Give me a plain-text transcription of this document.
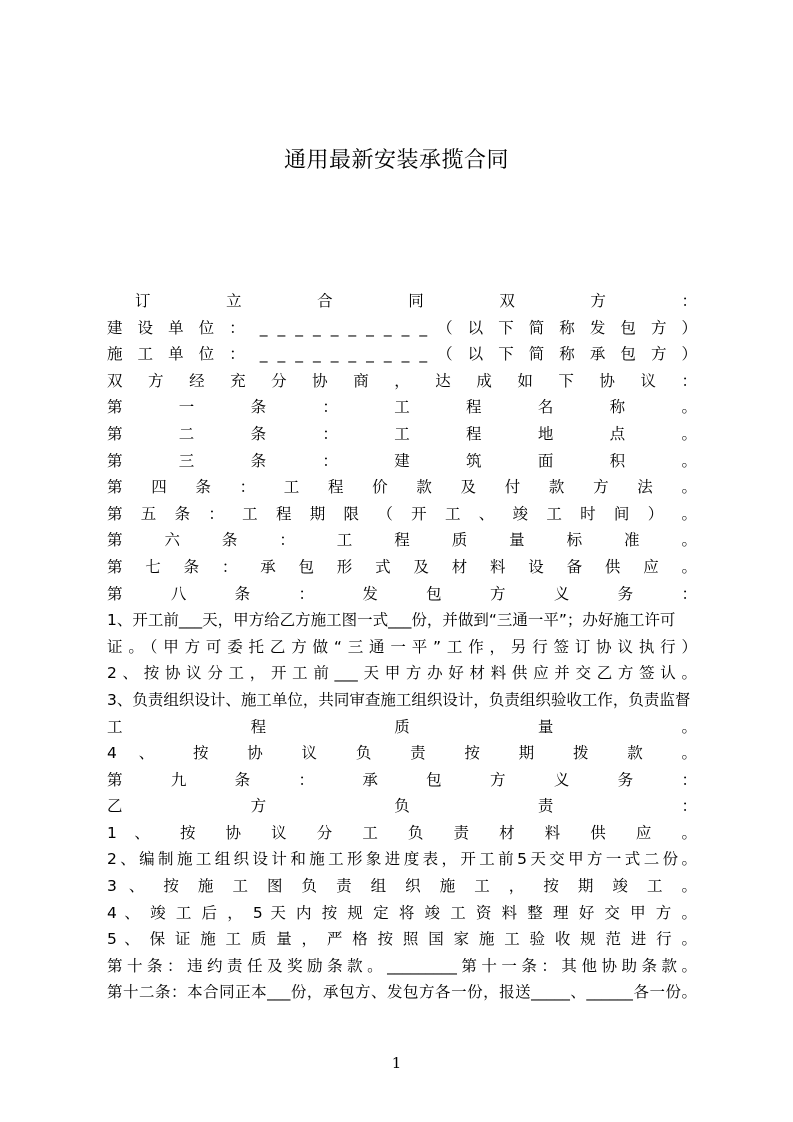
通用最新安装承揽合同
订 立 合 同 双 方 ：
建 设 单 位 ： _ _ _ _ _ _ _ _ _ _ （ 以 下 简 称 发 包 方 ）
施 工 单 位 ： _ _ _ _ _ _ _ _ _ _ （ 以 下 简 称 承 包 方 ）
双 方 经 充 分 协 商 ， 达 成 如 下 协 议 ：
第 一 条 ： 工 程 名 称 。
第 二 条 ： 工 程 地 点 。
第 三 条 ： 建 筑 面 积 。
第 四 条 ： 工 程 价 款 及 付 款 方 法 。
第 五 条 ： 工 程 期 限 （ 开 工 、 竣 工 时 间 ） 。
第 六 条 ： 工 程 质 量 标 准 。
第 七 条 ： 承 包 形 式 及 材 料 设 备 供 应 。
第 八 条 ： 发 包 方 义 务 ：
1、开工前___天，甲方给乙方施工图一式___份，并做到“三通一平”；办好施工许可
证。（甲方可委托乙方做“三通一平”工作，另行签订协议执行）
2、按协议分工，开工前___天甲方办好材料供应并交乙方签认。
3、负责组织设计、施工单位，共同审查施工组织设计，负责组织验收工作，负责监督
工 程 质 量 。
4 、 按 协 议 负 责 按 期 拨 款 。
第 九 条 ： 承 包 方 义 务 ：
乙 方 负 责 ：
1 、 按 协 议 分 工 负 责 材 料 供 应 。
2、编制施工组织设计和施工形象进度表，开工前5天交甲方一式二份。
3 、 按 施 工 图 负 责 组 织 施 工 ， 按 期 竣 工 。
4 、 竣 工 后 ， 5 天 内 按 规 定 将 竣 工 资 料 整 理 好 交 甲 方 。
5 、 保 证 施 工 质 量 ， 严 格 按 照 国 家 施 工 验 收 规 范 进 行 。
第十条：违约责任及奖励条款。_________第十一条：其他协助条款。
第十二条：本合同正本___份，承包方、发包方各一份，报送_____、______各一份。
1
